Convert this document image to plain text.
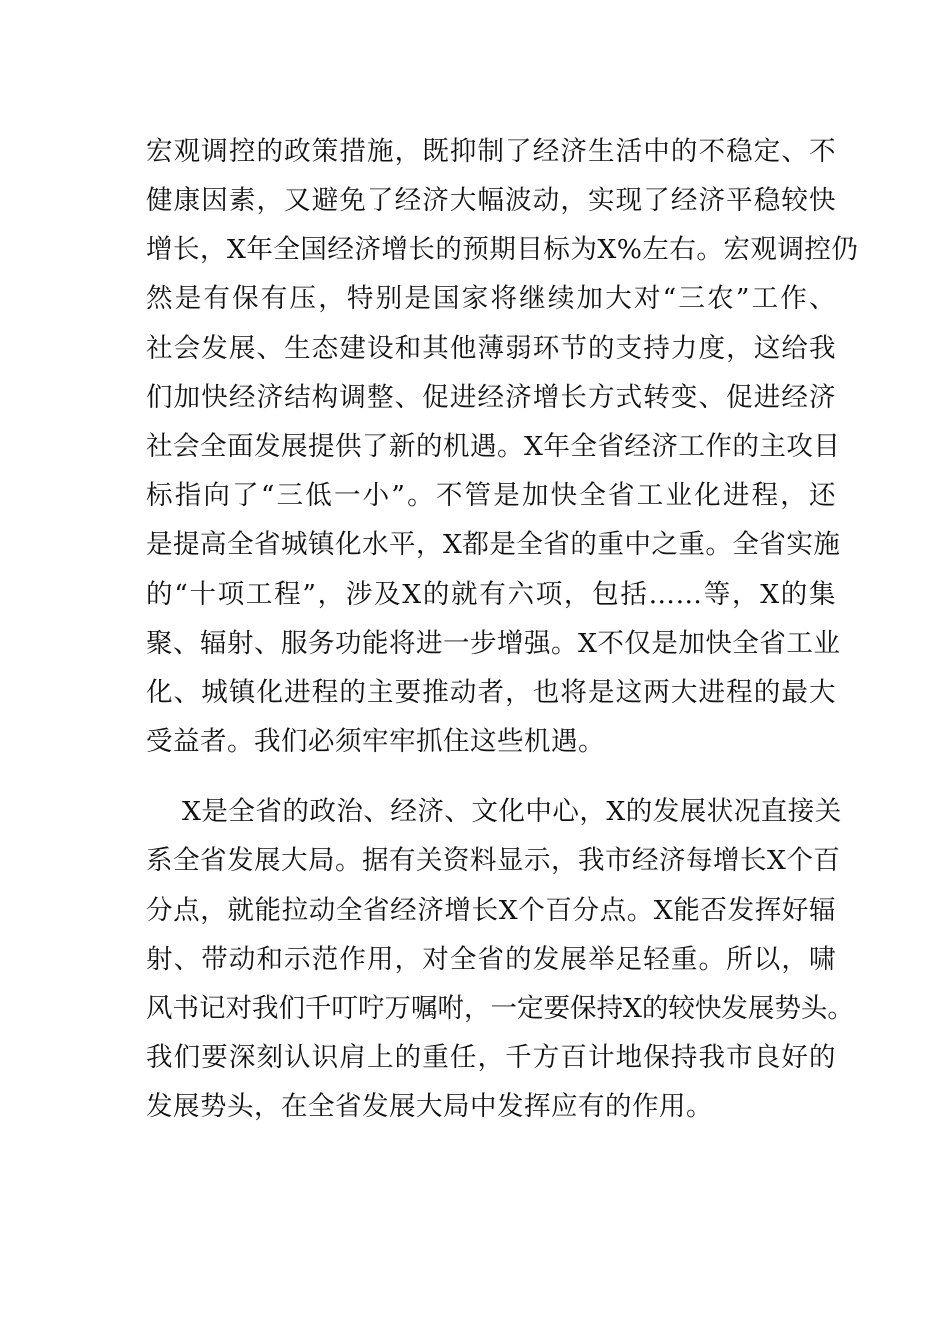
宏观调控的政策措施，既抑制了经济生活中的不稳定、不
健康因素，又避免了经济大幅波动，实现了经济平稳较快
增长，X年全国经济增长的预期目标为X%左右。宏观调控仍
然是有保有压，特别是国家将继续加大对“三农”工作、
社会发展、生态建设和其他薄弱环节的支持力度，这给我
们加快经济结构调整、促进经济增长方式转变、促进经济
社会全面发展提供了新的机遇。X年全省经济工作的主攻目
标指向了“三低一小”。不管是加快全省工业化进程，还
是提高全省城镇化水平，X都是全省的重中之重。全省实施
的“十项工程”，涉及X的就有六项，包括……等，X的集
聚、辐射、服务功能将进一步增强。X不仅是加快全省工业
化、城镇化进程的主要推动者，也将是这两大进程的最大
受益者。我们必须牢牢抓住这些机遇。
X是全省的政治、经济、文化中心，X的发展状况直接关
系全省发展大局。据有关资料显示，我市经济每增长X个百
分点，就能拉动全省经济增长X个百分点。X能否发挥好辐
射、带动和示范作用，对全省的发展举足轻重。所以，啸
风书记对我们千叮咛万嘱咐，一定要保持X的较快发展势头。
我们要深刻认识肩上的重任，千方百计地保持我市良好的
发展势头，在全省发展大局中发挥应有的作用。
